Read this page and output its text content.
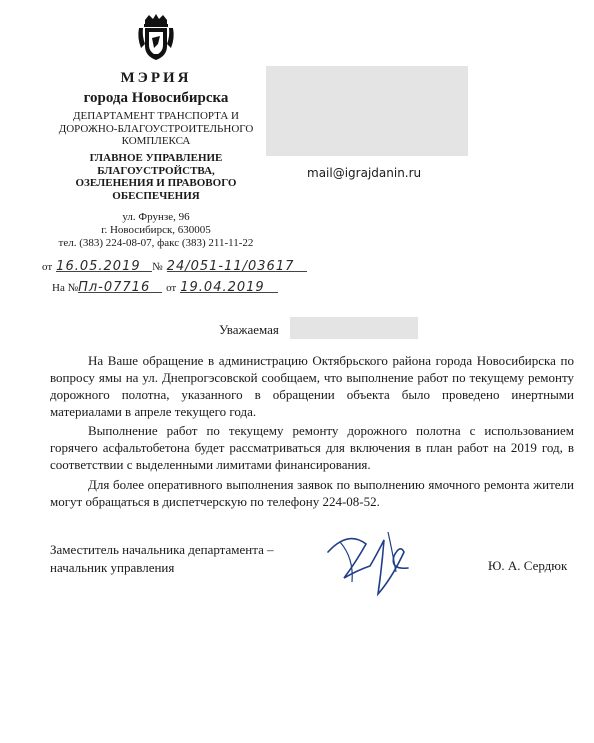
МЭРИЯ
города Новосибирска
ДЕПАРТАМЕНТ ТРАНСПОРТА И
ДОРОЖНО-БЛАГОУСТРОИТЕЛЬНОГО
КОМПЛЕКСА
ГЛАВНОЕ УПРАВЛЕНИЕ
БЛАГОУСТРОЙСТВА,
ОЗЕЛЕНЕНИЯ И ПРАВОВОГО
ОБЕСПЕЧЕНИЯ
ул. Фрунзе, 96
г. Новосибирск, 630005
тел. (383) 224-08-07, факс (383) 211-11-22
mail@igrajdanin.ru
от 16.05.2019 № 24/051-11/03617
На №Пл-07716 от 19.04.2019
Уважаемая

На Ваше обращение в администрацию Октябрьского района города Новосибирска по вопросу ямы на ул. Днепрогэсовской сообщаем, что выполнение работ по текущему ремонту дорожного полотна, указанного в обращении объекта было проведено инертными материалами в апреле текущего года.

Выполнение работ по текущему ремонту дорожного полотна с использованием горячего асфальтобетона будет рассматриваться для включения в план работ на 2019 год, в соответствии с выделенными лимитами финансирования.

Для более оперативного выполнения заявок по выполнению ямочного ремонта жители могут обращаться в диспетчерскую по телефону 224-08-52.

Заместитель начальника департамента –
начальник управления	Ю. А. Сердюк
